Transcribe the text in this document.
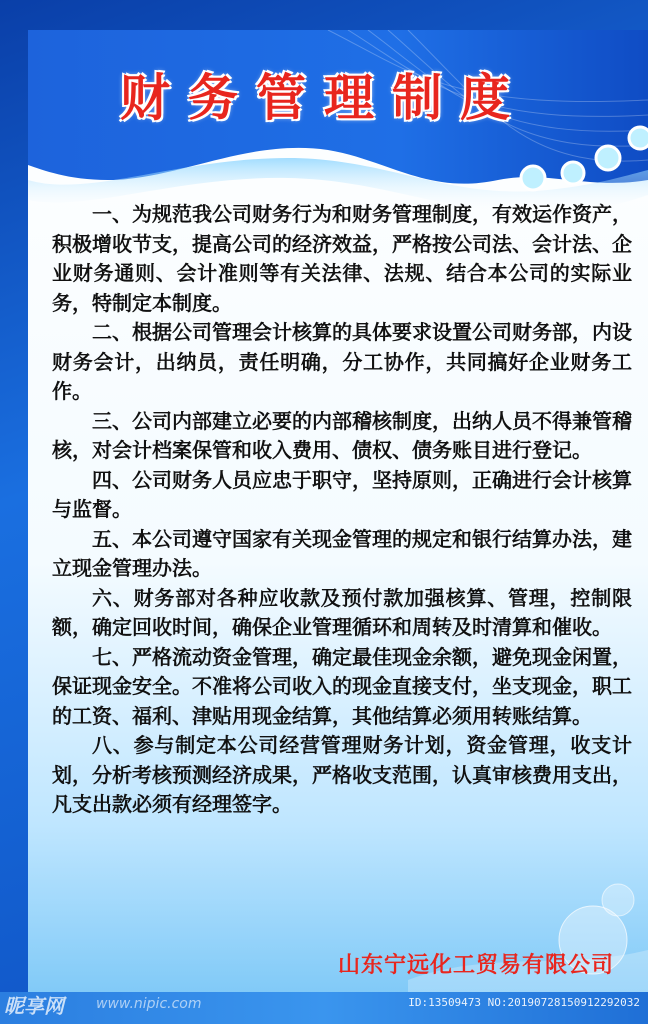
财务管理制度

一、为规范我公司财务行为和财务管理制度，有效运作资产，积极增收节支，提高公司的经济效益，严格按公司法、会计法、企业财务通则、会计准则等有关法律、法规、结合本公司的实际业务，特制定本制度。

二、根据公司管理会计核算的具体要求设置公司财务部，内设财务会计，出纳员，责任明确，分工协作，共同搞好企业财务工作。

三、公司内部建立必要的内部稽核制度，出纳人员不得兼管稽核，对会计档案保管和收入费用、债权、债务账目进行登记。

四、公司财务人员应忠于职守，坚持原则，正确进行会计核算与监督。

五、本公司遵守国家有关现金管理的规定和银行结算办法，建立现金管理办法。

六、财务部对各种应收款及预付款加强核算、管理，控制限额，确定回收时间，确保企业管理循环和周转及时清算和催收。

七、严格流动资金管理，确定最佳现金余额，避免现金闲置，保证现金安全。不准将公司收入的现金直接支付，坐支现金，职工的工资、福利、津贴用现金结算，其他结算必须用转账结算。

八、参与制定本公司经营管理财务计划，资金管理，收支计划，分析考核预测经济成果，严格收支范围，认真审核费用支出，凡支出款必须有经理签字。

山东宁远化工贸易有限公司
昵享网 www.nipic.com	ID:13509473 NO:20190728150912292032
